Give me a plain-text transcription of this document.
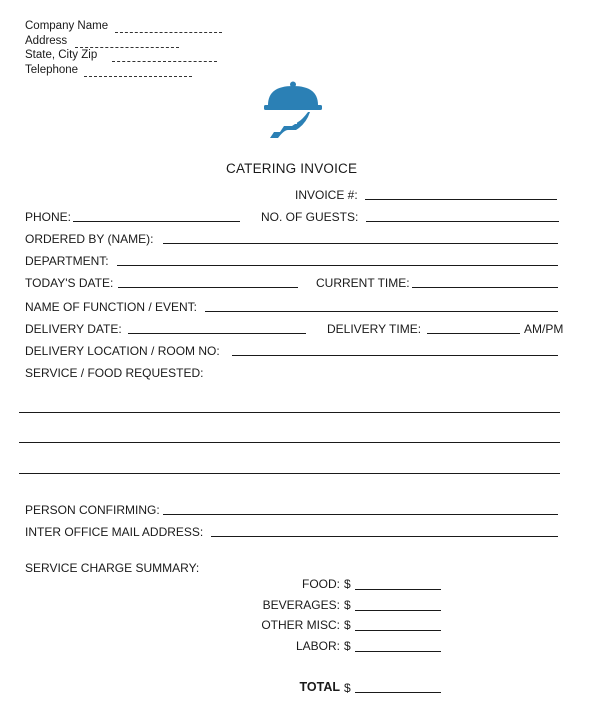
Company Name
Address
State, City Zip
Telephone
CATERING INVOICE
INVOICE #:
PHONE:	NO. OF GUESTS:
ORDERED BY (NAME):
DEPARTMENT:
TODAY'S DATE:	CURRENT TIME:
NAME OF FUNCTION / EVENT:
DELIVERY DATE:	DELIVERY TIME:	AM/PM
DELIVERY LOCATION / ROOM NO:
SERVICE / FOOD REQUESTED:
PERSON CONFIRMING:
INTER OFFICE MAIL ADDRESS:
SERVICE CHARGE SUMMARY:
FOOD: $
BEVERAGES: $
OTHER MISC: $
LABOR: $
TOTAL $
